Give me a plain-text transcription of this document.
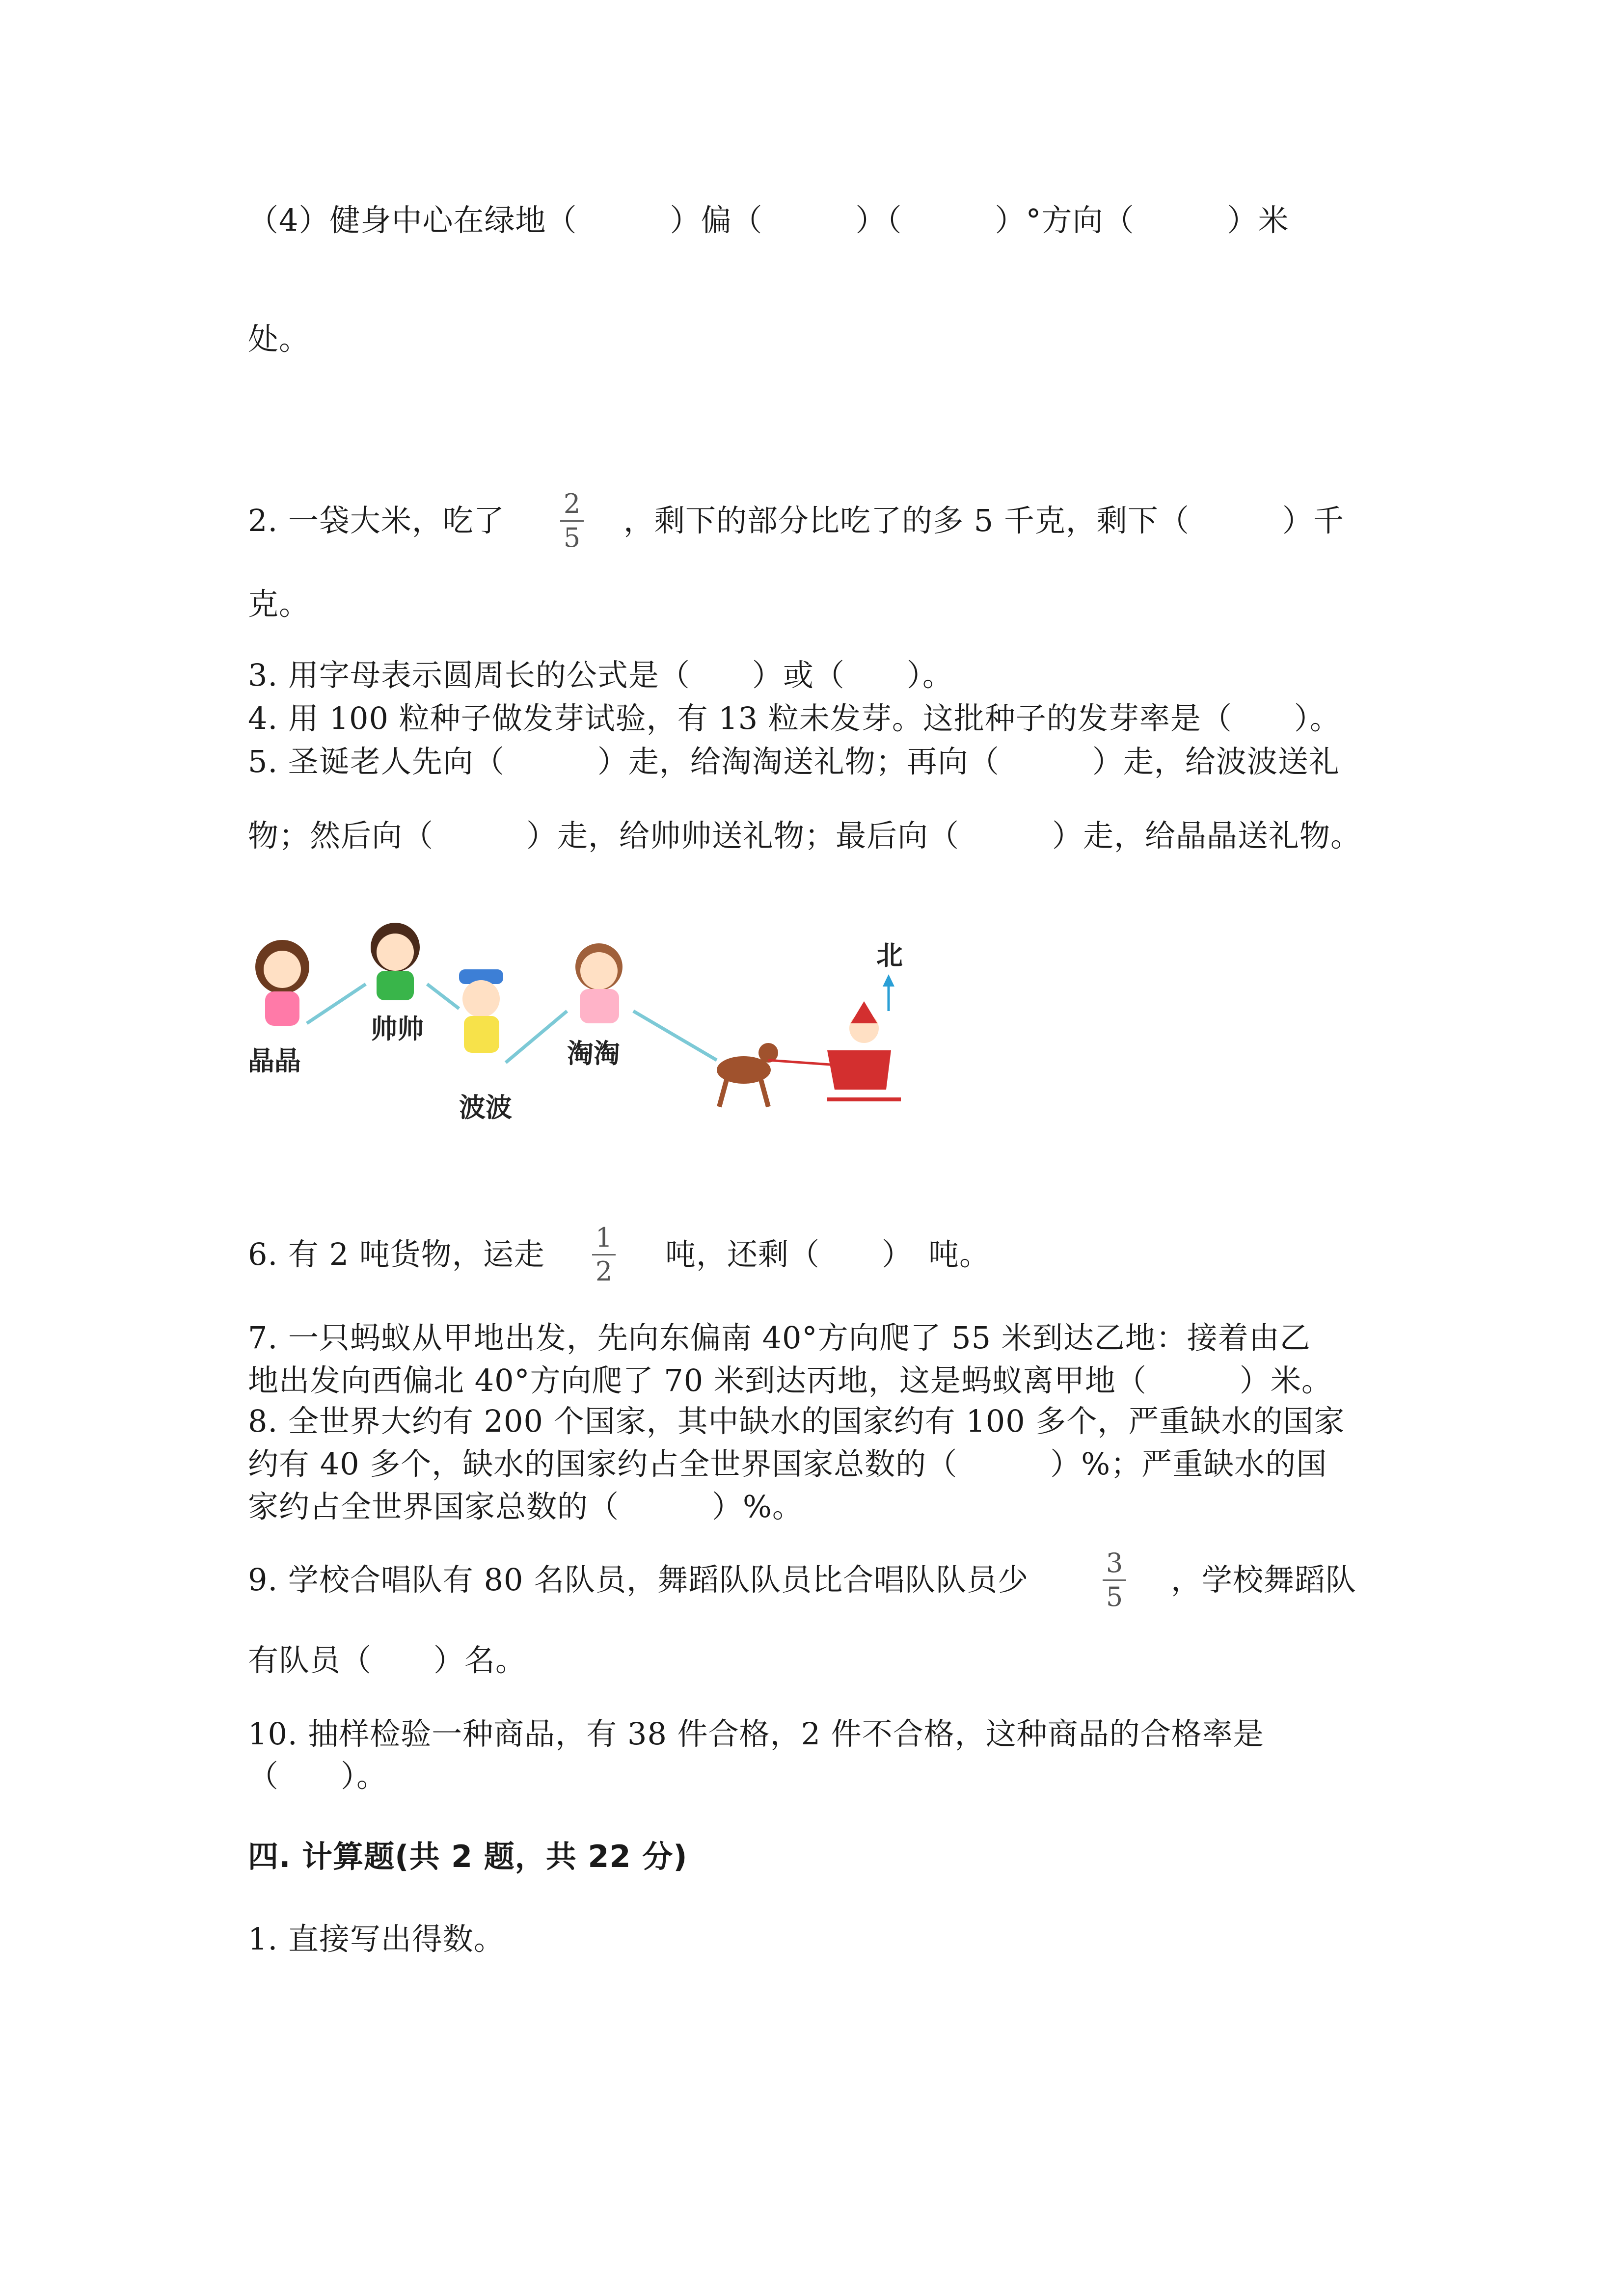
（4）健身中心在绿地（　　　）偏（　　　）（　　　）°方向（　　　）米

处。

2. 一袋大米，吃了 2
5 ，剩下的部分比吃了的多 5 千克，剩下（　　　）千

克。

3. 用字母表示圆周长的公式是（　　）或（　　）。

4. 用 100 粒种子做发芽试验，有 13 粒未发芽。这批种子的发芽率是（　　）。

5. 圣诞老人先向（　　　）走，给淘淘送礼物；再向（　　　）走，给波波送礼

物；然后向（　　　）走，给帅帅送礼物；最后向（　　　）走，给晶晶送礼物。

晶晶
帅帅
波波
淘淘
北

6. 有 2 吨货物，运走 1
2 吨，还剩（　　）　吨。

7. 一只蚂蚁从甲地出发，先向东偏南 40°方向爬了 55 米到达乙地：接着由乙

地出发向西偏北 40°方向爬了 70 米到达丙地，这是蚂蚁离甲地（　　　）米。

8. 全世界大约有 200 个国家，其中缺水的国家约有 100 多个，严重缺水的国家

约有 40 多个，缺水的国家约占全世界国家总数的（　　　）%；严重缺水的国

家约占全世界国家总数的（　　　）%。

9. 学校合唱队有 80 名队员，舞蹈队队员比合唱队队员少	3
5 ，学校舞蹈队

有队员（　　）名。

10. 抽样检验一种商品，有 38 件合格，2 件不合格，这种商品的合格率是

（　　）。

四. 计算题(共 2 题，共 22 分)

1. 直接写出得数。
